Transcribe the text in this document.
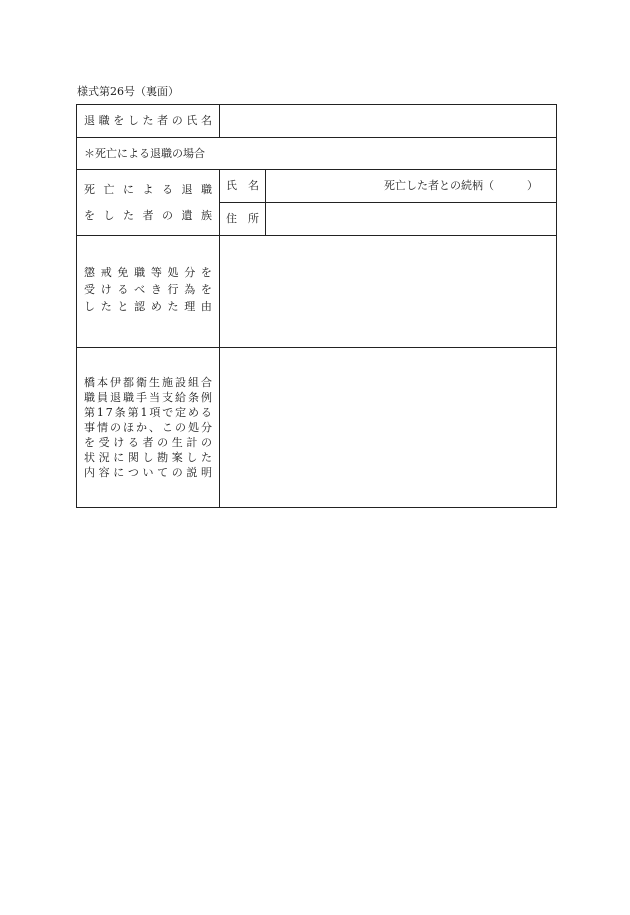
様式第26号（裏面）
退 職 を し た 者 の 氏 名
＊死亡による退職の場合
死 亡 に よ る 退 職
を し た 者 の 遺 族
氏　名	死亡した者との続柄（　　　）
住　所
懲 戒 免 職 等 処 分 を
受 け る べ き 行 為 を
し た と 認 め た 理 由
橋 本 伊 都 衛 生 施 設 組 合
職 員 退 職 手 当 支 給 条 例
第 1 7 条 第 1 項 で 定 め る
事 情 の ほ か 、 こ の 処 分
を 受 け る 者 の 生 計 の
状 況 に 関 し 勘 案 し た
内 容 に つ い て の 説 明
